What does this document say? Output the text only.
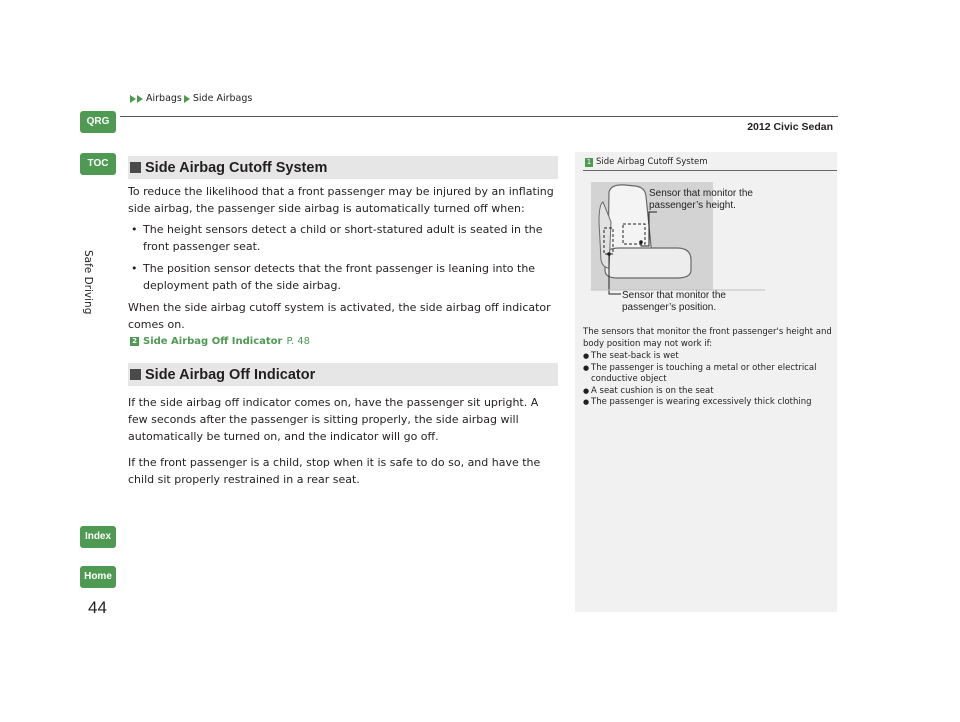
QRG
TOC
Safe Driving
Index
Home
Airbags Side Airbags
2012 Civic Sedan
Side Airbag Cutoff System

To reduce the likelihood that a front passenger may be injured by an inflating side airbag, the passenger side airbag is automatically turned off when:

• The height sensors detect a child or short-statured adult is seated in the front passenger seat.
• The position sensor detects that the front passenger is leaning into the deployment path of the side airbag.

When the side airbag cutoff system is activated, the side airbag off indicator comes on.

2 Side Airbag Off Indicator P. 48
Side Airbag Off Indicator

If the side airbag off indicator comes on, have the passenger sit upright. A few seconds after the passenger is sitting properly, the side airbag will automatically be turned on, and the indicator will go off.

If the front passenger is a child, stop when it is safe to do so, and have the child sit properly restrained in a rear seat.

1 Side Airbag Cutoff System
Sensor that monitor the passenger’s height.
Sensor that monitor the passenger’s position.

The sensors that monitor the front passenger's height and body position may not work if:

● The seat-back is wet
● The passenger is touching a metal or other electrical conductive object
● A seat cushion is on the seat
● The passenger is wearing excessively thick clothing
44
